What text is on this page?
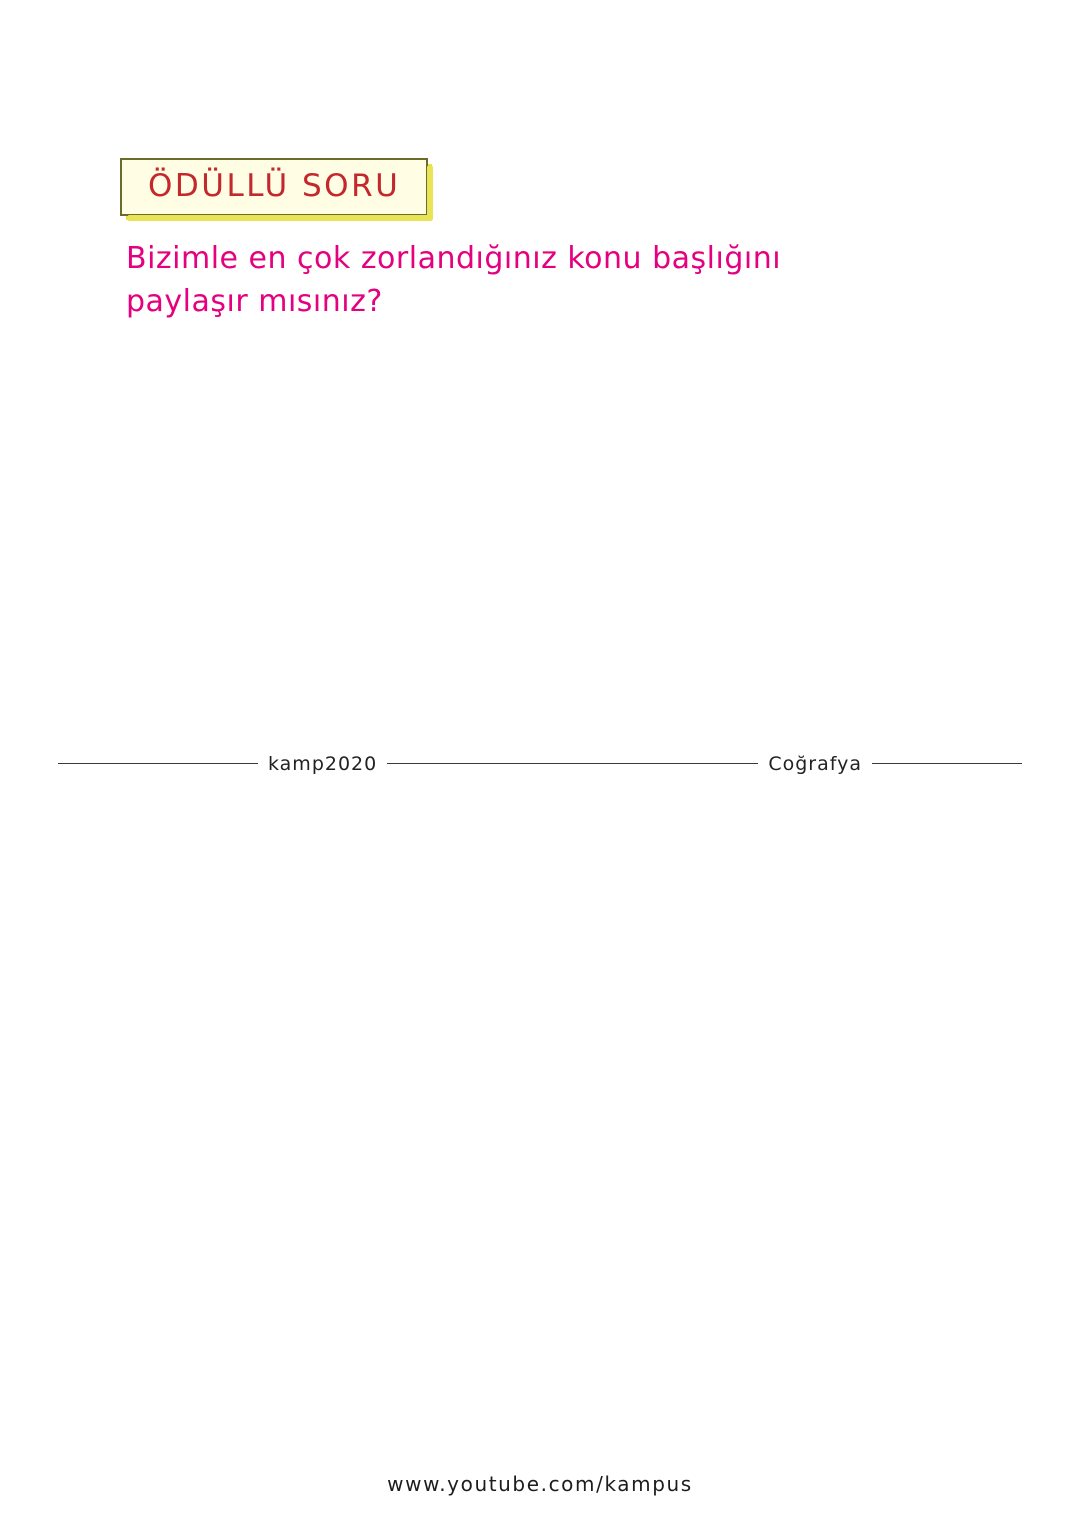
ÖDÜLLÜ SORU
Bizimle en çok zorlandığınız konu başlığını
paylaşır mısınız?
kamp2020	Coğrafya
www.youtube.com/kampus
